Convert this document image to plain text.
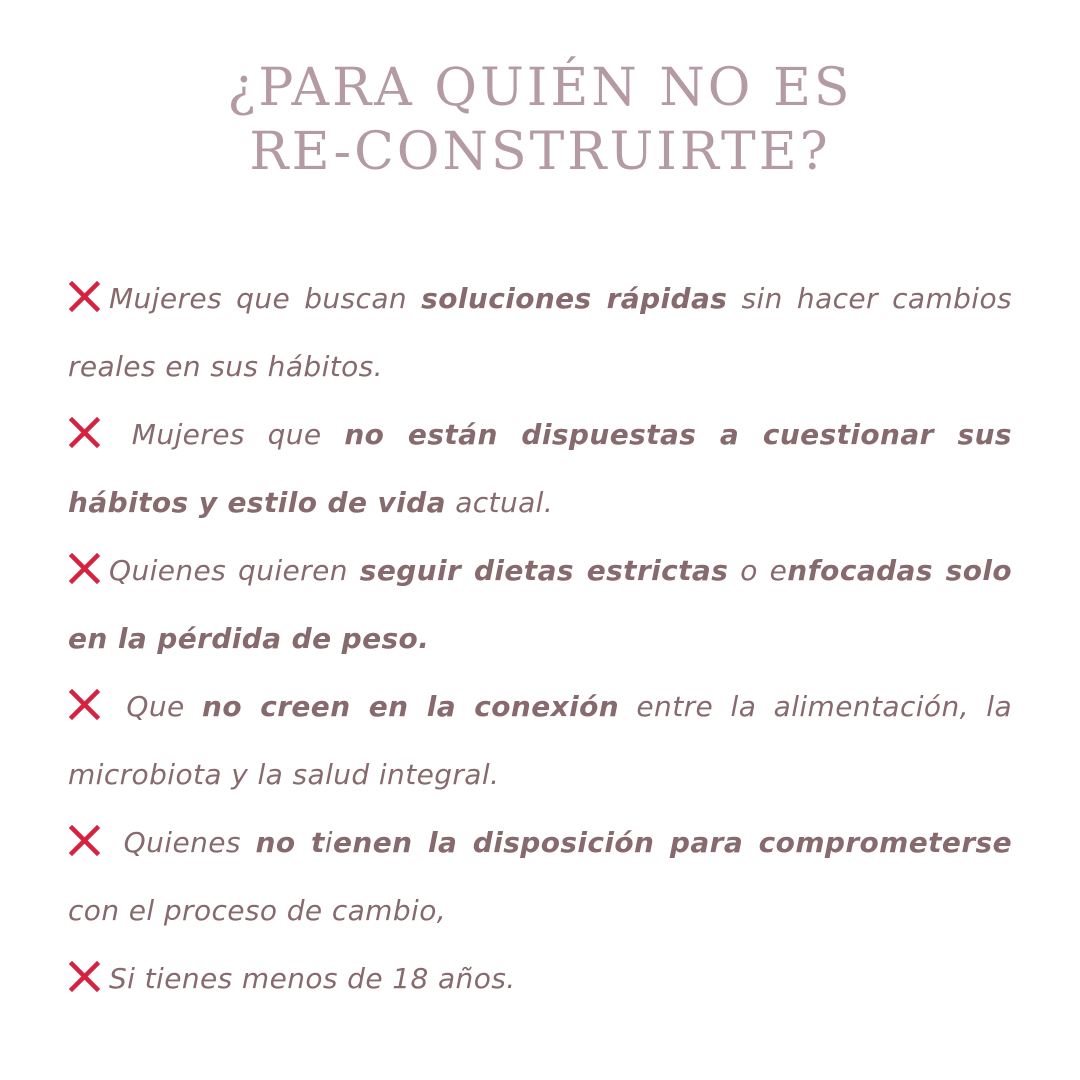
¿PARA QUIÉN NO ES
RE-CONSTRUIRTE?
Mujeres que buscan soluciones rápidas sin hacer cambios reales en sus hábitos.
Mujeres que no están dispuestas a cuestionar sus hábitos y estilo de vida actual.
Quienes quieren seguir dietas estrictas o enfocadas solo en la pérdida de peso.
Que no creen en la conexión entre la alimentación, la microbiota y la salud integral.
Quienes no tienen la disposición para comprometerse con el proceso de cambio,
Si tienes menos de 18 años.
